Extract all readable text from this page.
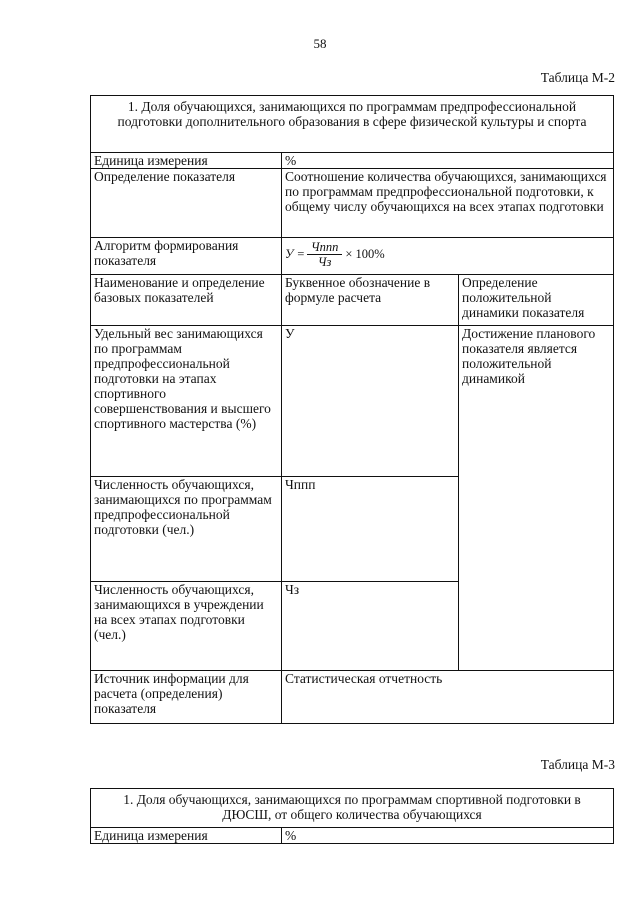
58
Таблица М-2
1. Доля обучающихся, занимающихся по программам предпрофессиональной подготовки дополнительного образования в сфере физической культуры и спорта		
Единица измерения	%	
Определение показателя	Соотношение количества обучающихся, занимающихся по программам предпрофессиональной подготовки, к общему числу обучающихся на всех этапах подготовки	
Алгоритм формирования показателя	$У = \frac{\text{Чппп}}{Чз} \times 100\%$	

Наименование и определение базовых показателей	Буквенное обозначение в формуле расчета	Определение положительной динамики показателя
Удельный вес занимающихся по программам предпрофессиональной подготовки на этапах спортивного совершенствования и высшего спортивного мастерства (%)	У	Достижение планового показателя является положительной динамикой
Численность обучающихся, занимающихся по программам предпрофессиональной подготовки (чел.)	Чппп	
Численность обучающихся, занимающихся в учреждении на всех этапах подготовки (чел.)	Чз	
Источник информации для расчета (определения) показателя	Статистическая отчетность	
Таблица М-3
1. Доля обучающихся, занимающихся по программам спортивной подготовки в ДЮСШ, от общего количества обучающихся
Единица измерения	%
